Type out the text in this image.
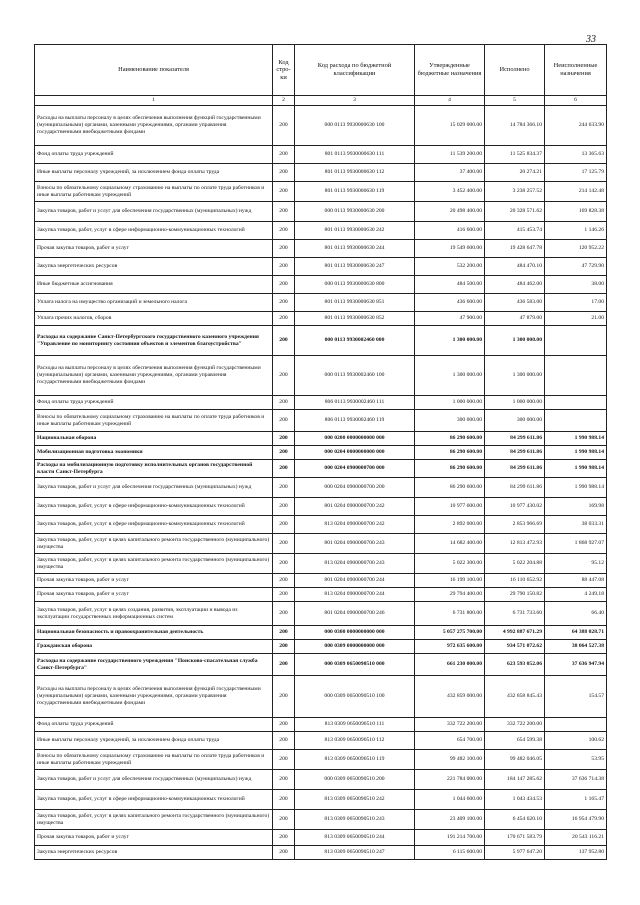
33
Наименование показателя	Код стро- ки	Код расхода по бюджетной классификации	Утвержденные бюджетные назначения	Исполнено	Неисполненные назначения
1	2	3	4	5	6
Расходы на выплаты персоналу в целях обеспечения выполнения функций государственными (муниципальными) органами, казенными учреждениями, органами управления государственными внебюджетными фондами	200	000 0113 9930000630 100	15 029 000.00	14 784 366.10	244 633.90
Фонд оплаты труда учреждений	200	801 0113 9930000630 111	11 539 200.00	11 525 834.37	13 365.63
Иные выплаты персоналу учреждений, за исключением фонда оплаты труда	200	801 0113 9930000630 112	37 400.00	20 274.21	17 125.79
Взносы по обязательному социальному страхованию на выплаты по оплате труда работников и иные выплаты работникам учреждений	200	801 0113 9930000630 119	3 452 400.00	3 238 257.52	214 142.48
Закупка товаров, работ и услуг для обеспечения государственных (муниципальных) нужд	200	000 0113 9930000630 200	20 498 400.00	20 328 571.62	169 828.38
Закупка товаров, работ, услуг в сфере информационно-коммуникационных технологий	200	801 0113 9930000630 242	416 600.00	415 453.74	1 146.26
Прочая закупка товаров, работ и услуг	200	801 0113 9930000630 244	19 549 600.00	19 428 647.78	120 952.22
Закупка энергетических ресурсов	200	801 0113 9930000630 247	532 200.00	484 470.10	47 729.90
Иные бюджетные ассигнования	200	000 0113 9930000630 800	484 500.00	484 462.00	38.00
Уплата налога на имущество организаций и земельного налога	200	801 0113 9930000630 851	436 600.00	436 583.00	17.00
Уплата прочих налогов, сборов	200	801 0113 9930000630 852	47 900.00	47 879.00	21.00
Расходы на содержание Санкт-Петербургского государственного казенного учреждения "Управление по мониторингу состояния объектов и элементов благоустройства"	200	000 0113 9930002460 000	1 300 000.00	1 300 000.00	
Расходы на выплаты персоналу в целях обеспечения выполнения функций государственными (муниципальными) органами, казенными учреждениями, органами управления государственными внебюджетными фондами	200	000 0113 9930002460 100	1 300 000.00	1 300 000.00	
Фонд оплаты труда учреждений	200	806 0113 9930002460 111	1 000 000.00	1 000 000.00	
Взносы по обязательному социальному страхованию на выплаты по оплате труда работников и иные выплаты работникам учреждений	200	806 0113 9930002460 119	300 000.00	300 000.00	
Национальная оборона	200	000 0200 0000000000 000	86 290 600.00	84 299 611.86	1 990 988.14
Мобилизационная подготовка экономики	200	000 0204 0000000000 000	86 290 600.00	84 299 611.86	1 990 988.14
Расходы на мобилизационную подготовку исполнительных органов государственной власти Санкт-Петербурга	200	000 0204 0900000700 000	86 290 600.00	84 299 611.86	1 990 988.14
Закупка товаров, работ и услуг для обеспечения государственных (муниципальных) нужд	200	000 0204 0900000700 200	86 290 600.00	84 299 611.86	1 990 988.14
Закупка товаров, работ, услуг в сфере информационно-коммуникационных технологий	200	801 0204 0900000700 242	10 977 600.00	10 977 430.02	169.98
Закупка товаров, работ, услуг в сфере информационно-коммуникационных технологий	200	813 0204 0900000700 242	2 892 000.00	2 853 966.69	38 033.31
Закупка товаров, работ, услуг в целях капитального ремонта государственного (муниципального) имущества	200	801 0204 0900000700 243	14 682 400.00	12 813 472.93	1 868 927.07
Закупка товаров, работ, услуг в целях капитального ремонта государственного (муниципального) имущества	200	813 0204 0900000700 243	5 022 300.00	5 022 204.88	95.12
Прочая закупка товаров, работ и услуг	200	801 0204 0900000700 244	16 199 100.00	16 110 652.92	88 447.08
Прочая закупка товаров, работ и услуг	200	813 0204 0900000700 244	29 794 400.00	29 790 150.82	4 249.18
Закупка товаров, работ, услуг в целях создания, развития, эксплуатации и вывода из эксплуатации государственных информационных систем	200	801 0204 0900000700 246	6 731 800.00	6 731 733.60	66.40
Национальная безопасность и правоохранительная деятельность	200	000 0300 0000000000 000	5 057 275 700.00	4 992 887 671.29	64 388 028.71
Гражданская оборона	200	000 0309 0000000000 000	972 635 600.00	934 571 072.62	38 064 527.38
Расходы на содержание государственного учреждения "Поисково-спасательная служба Санкт-Петербурга"	200	000 0309 0650090510 000	661 230 000.00	623 593 052.06	37 636 947.94
Расходы на выплаты персоналу в целях обеспечения выполнения функций государственными (муниципальными) органами, казенными учреждениями, органами управления государственными внебюджетными фондами	200	000 0309 0650090510 100	432 859 000.00	432 858 845.43	154.57
Фонд оплаты труда учреждений	200	813 0309 0650090510 111	332 722 200.00	332 722 200.00	
Иные выплаты персоналу учреждений, за исключением фонда оплаты труда	200	813 0309 0650090510 112	654 700.00	654 599.38	100.62
Взносы по обязательному социальному страхованию на выплаты по оплате труда работников и иные выплаты работникам учреждений	200	813 0309 0650090510 119	99 482 100.00	99 482 046.05	53.95
Закупка товаров, работ и услуг для обеспечения государственных (муниципальных) нужд	200	000 0309 0650090510 200	221 784 000.00	184 147 285.62	37 636 714.38
Закупка товаров, работ, услуг в сфере информационно-коммуникационных технологий	200	813 0309 0650090510 242	1 044 600.00	1 043 434.53	1 165.47
Закупка товаров, работ, услуг в целях капитального ремонта государственного (муниципального) имущества	200	813 0309 0650090510 243	23 409 100.00	6 454 620.10	16 954 479.90
Прочая закупка товаров, работ и услуг	200	813 0309 0650090510 244	191 214 700.00	170 671 583.79	20 543 116.21
Закупка энергетических ресурсов	200	813 0309 0650090510 247	6 115 600.00	5 977 647.20	137 952.80
